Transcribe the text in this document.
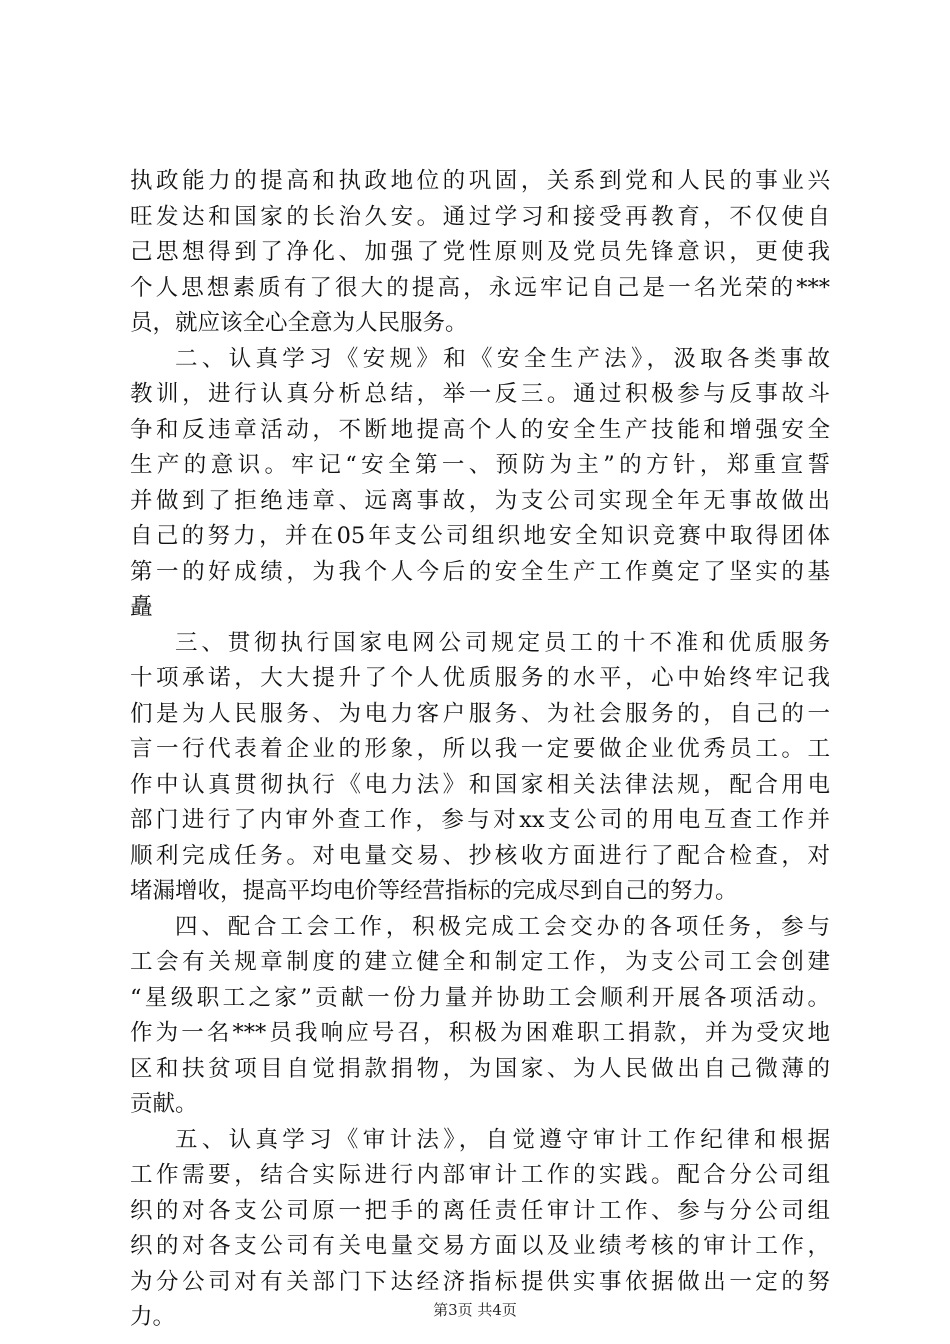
执政能力的提高和执政地位的巩固，关系到党和人民的事业兴
旺发达和国家的长治久安。通过学习和接受再教育，不仅使自
己思想得到了净化、加强了党性原则及党员先锋意识，更使我
个人思想素质有了很大的提高，永远牢记自己是一名光荣的***
员，就应该全心全意为人民服务。
二、认真学习《安规》和《安全生产法》，汲取各类事故
教训，进行认真分析总结，举一反三。通过积极参与反事故斗
争和反违章活动，不断地提高个人的安全生产技能和增强安全
生产的意识。牢记“安全第一、预防为主”的方针，郑重宣誓
并做到了拒绝违章、远离事故，为支公司实现全年无事故做出
自己的努力，并在05年支公司组织地安全知识竞赛中取得团体
第一的好成绩，为我个人今后的安全生产工作奠定了坚实的基
矗
三、贯彻执行国家电网公司规定员工的十不准和优质服务
十项承诺，大大提升了个人优质服务的水平，心中始终牢记我
们是为人民服务、为电力客户服务、为社会服务的，自己的一
言一行代表着企业的形象，所以我一定要做企业优秀员工。工
作中认真贯彻执行《电力法》和国家相关法律法规，配合用电
部门进行了内审外查工作，参与对xx支公司的用电互查工作并
顺利完成任务。对电量交易、抄核收方面进行了配合检查，对
堵漏增收，提高平均电价等经营指标的完成尽到自己的努力。
四、配合工会工作，积极完成工会交办的各项任务，参与
工会有关规章制度的建立健全和制定工作，为支公司工会创建
“星级职工之家”贡献一份力量并协助工会顺利开展各项活动。
作为一名***员我响应号召，积极为困难职工捐款，并为受灾地
区和扶贫项目自觉捐款捐物，为国家、为人民做出自己微薄的
贡献。
五、认真学习《审计法》，自觉遵守审计工作纪律和根据
工作需要，结合实际进行内部审计工作的实践。配合分公司组
织的对各支公司原一把手的离任责任审计工作、参与分公司组
织的对各支公司有关电量交易方面以及业绩考核的审计工作，
为分公司对有关部门下达经济指标提供实事依据做出一定的努
力。	第3页 共4页
